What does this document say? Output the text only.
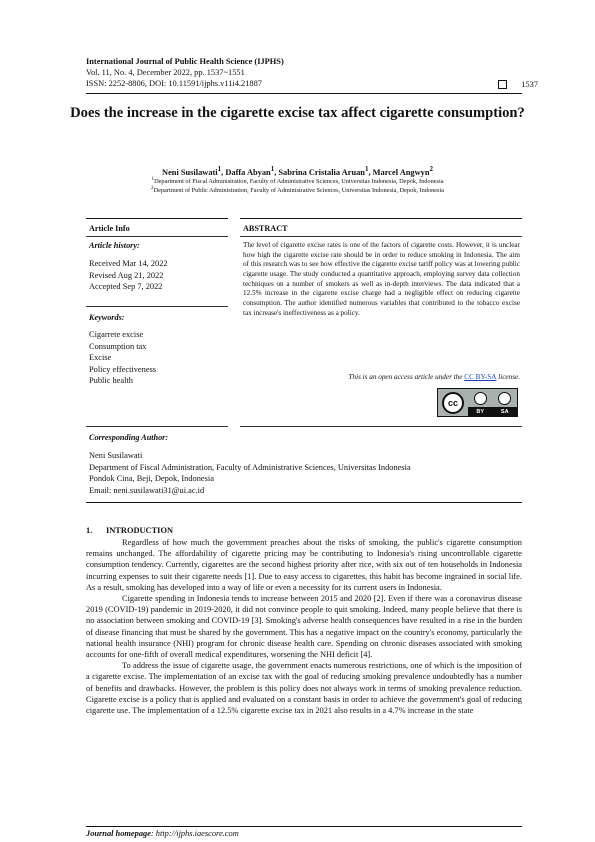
International Journal of Public Health Science (IJPHS)
Vol. 11, No. 4, December 2022, pp. 1537~1551
ISSN: 2252-8806, DOI: 10.11591/ijphs.v11i4.21887	1537
Does the increase in the cigarette excise tax affect cigarette consumption?
Neni Susilawati$^1$, Daffa Abyan$^1$, Sabrina Cristalia Aruan$^1$, Marcel Angwyn$^2$
$^1$Department of Fiscal Administration, Faculty of Administrative Sciences, Universitas Indonesia, Depok, Indonesia
$^2$Department of Public Administration, Faculty of Administrative Sciences, Universitas Indonesia, Depok, Indonesia
Article Info
Article history:
Received Mar 14, 2022
Revised Aug 21, 2022
Accepted Sep 7, 2022
Keywords:
Cigarrete excise
Consumption tax
Excise
Policy effectiveness
Public health
ABSTRACT
The level of cigarette excise rates is one of the factors of cigarette costs. However, it is unclear how high the cigarette excise rate should be in order to reduce smoking in Indonesia. The aim of this research was to see how effective the cigarette excise tariff policy was at lowering public cigarette usage. The study conducted a quantitative approach, employing survey data collection techniques on a number of smokers as well as in-depth interviews. The data indicated that a 12.5% increase in the cigarette excise charge had a negligible effect on reducing cigarette consumption. The author identified numerous variables that contributed to the tobacco excise tax increase's ineffectiveness as a policy.
This is an open access article under the CC BY-SA license.
cc
BY	SA
Corresponding Author:
Neni Susilawati
Department of Fiscal Administration, Faculty of Administrative Sciences, Universitas Indonesia
Pondok Cina, Beji, Depok, Indonesia
Email: neni.susilawati31@ui.ac.id
1. INTRODUCTION

Regardless of how much the government preaches about the risks of smoking, the public's cigarette consumption remains unchanged. The affordability of cigarette pricing may be contributing to Indonesia's rising uncontrollable cigarette consumption tendency. Currently, cigarettes are the second highest priority after rice, with six out of ten households in Indonesia incurring expenses to suit their cigarette needs [1]. Due to easy access to cigarettes, this habit has become ingrained in social life. As a result, smoking has developed into a way of life or even a necessity for its current users in Indonesia.

Cigarette spending in Indonesia tends to increase between 2015 and 2020 [2]. Even if there was a coronavirus disease 2019 (COVID-19) pandemic in 2019-2020, it did not convince people to quit smoking. Indeed, many people believe that there is no association between smoking and COVID-19 [3]. Smoking's adverse health consequences have resulted in a rise in the burden of disease financing that must be shared by the government. This has a negative impact on the country's economy, particularly the national health insurance (NHI) program for chronic disease health care. Spending on chronic diseases associated with smoking accounts for one-fifth of overall medical expenditures, worsening the NHI deficit [4].

To address the issue of cigarette usage, the government enacts numerous restrictions, one of which is the imposition of a cigarette excise. The implementation of an excise tax with the goal of reducing smoking prevalence undoubtedly has a number of benefits and drawbacks. However, the problem is this policy does not always work in terms of smoking prevalence reduction. Cigarette excise is a policy that is applied and evaluated on a constant basis in order to achieve the government's goal of reducing cigarette use. The implementation of a 12.5% cigarette excise tax in 2021 also results in a 4.7% increase in the state

Journal homepage: http://ijphs.iaescore.com
